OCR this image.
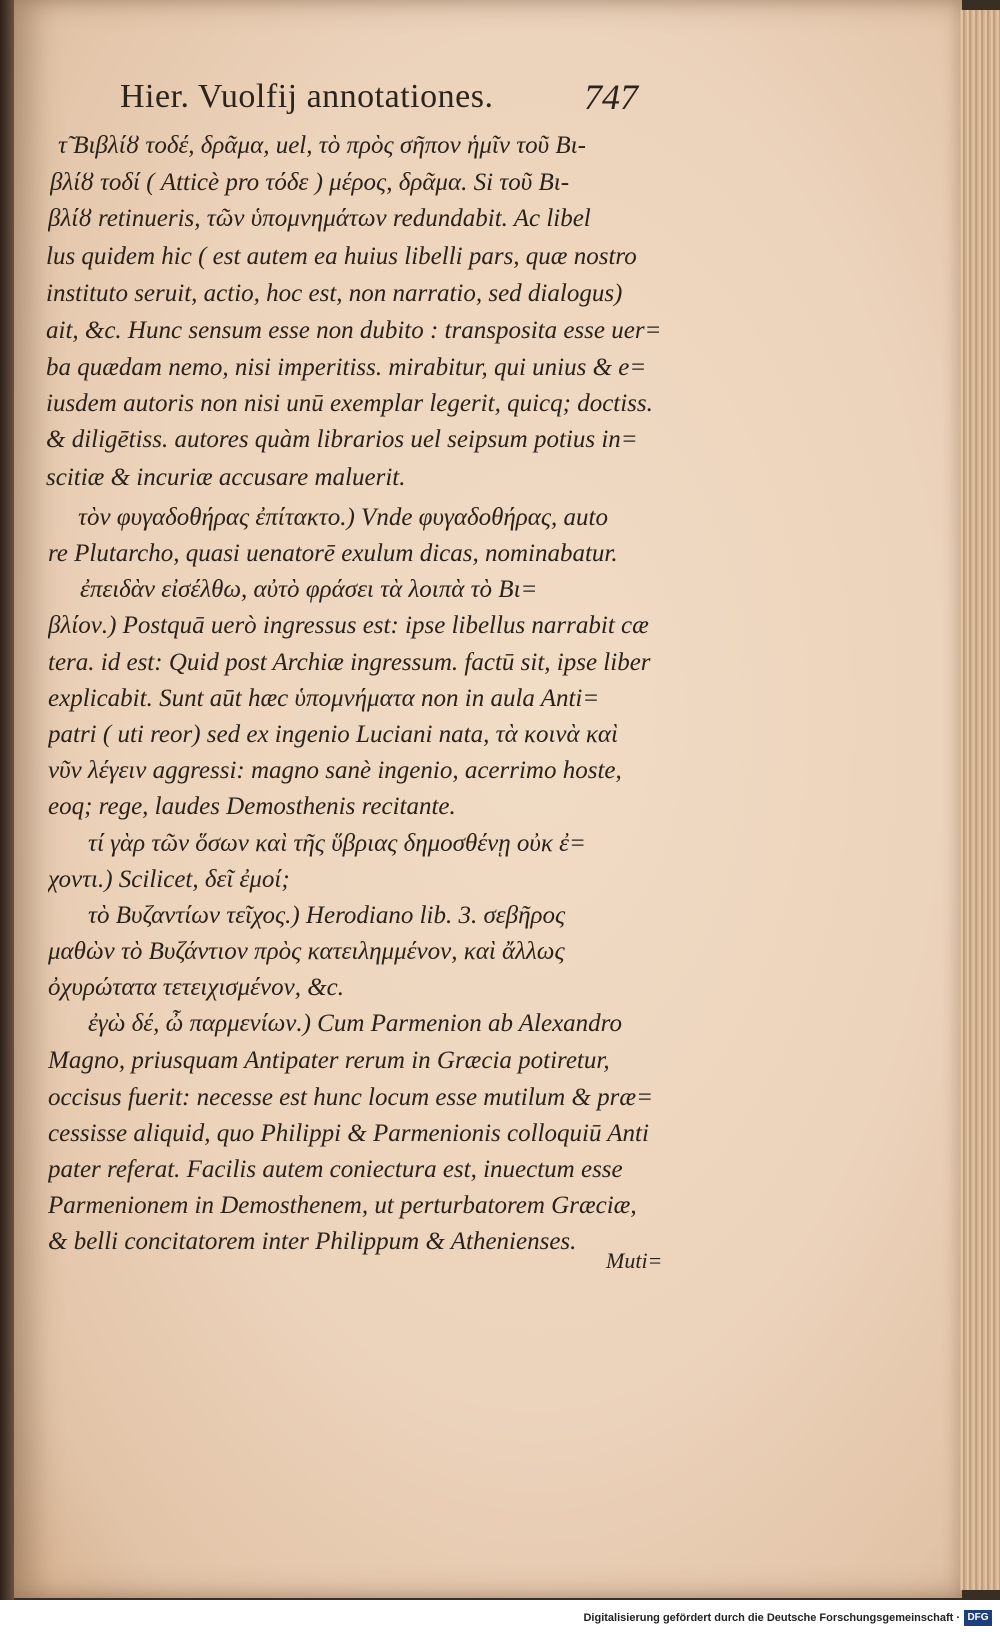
Hier. Vuolfij annotationes.	747
τ̃ Βιβλίȣ τοδέ, δρᾶμα, uel, τὸ πρὸς σῆπον ἡμῖν τοῦ Βι-
βλίȣ τοδί ( Atticè pro τόδε ) μέρος, δρᾶμα. Si τοῦ Βι-
βλίȣ retinueris, τῶν ὑπομνημάτων redundabit. Ac libel
lus quidem hic ( est autem ea huius libelli pars, quæ nostro
instituto seruit, actio, hoc est, non narratio, sed dialogus)
ait, &c. Hunc sensum esse non dubito : transposita esse uer=
ba quædam nemo, nisi imperitiss. mirabitur, qui unius & e=
iusdem autoris non nisi unū exemplar legerit, quicq; doctiss.
& diligētiss. autores quàm librarios uel seipsum potius in=
scitiæ & incuriæ accusare maluerit.
τὸν φυγαδοθήρας ἐπίτακτο.) Vnde φυγαδοθήρας, auto
re Plutarcho, quasi uenatorē exulum dicas, nominabatur.
ἐπειδὰν εἰσέλθω, αὐτὸ φράσει τὰ λοιπὰ τὸ Βι=
βλίον.) Postquā uerò ingressus est: ipse libellus narrabit cæ
tera. id est: Quid post Archiæ ingressum. factū sit, ipse liber
explicabit. Sunt aūt hæc ὑπομνήματα non in aula Anti=
patri ( uti reor) sed ex ingenio Luciani nata, τὰ κοινὰ καὶ
νῦν λέγειν aggressi: magno sanè ingenio, acerrimo hoste,
eoq; rege, laudes Demosthenis recitante.
τί γὰρ τῶν ὅσων καὶ τῆς ὕβριας δημοσθένῃ οὐκ ἐ=
χοντι.) Scilicet, δεῖ ἐμοί;
τὸ Βυζαντίων τεῖχος.) Herodiano lib. 3. σεβῆρος
μαθὼν τὸ Βυζάντιον πρὸς κατειλημμένον, καὶ ἄλλως
ὀχυρώτατα τετειχισμένον, &c.
ἐγὼ δέ, ὦ παρμενίων.) Cum Parmenion ab Alexandro
Magno, priusquam Antipater rerum in Græcia potiretur,
occisus fuerit: necesse est hunc locum esse mutilum & præ=
cessisse aliquid, quo Philippi & Parmenionis colloquiū Anti
pater referat. Facilis autem coniectura est, inuectum esse
Parmenionem in Demosthenem, ut perturbatorem Græciæ,
& belli concitatorem inter Philippum & Athenienses.
Muti=
Digitalisierung gefördert durch die Deutsche Forschungsgemeinschaft · DFG
